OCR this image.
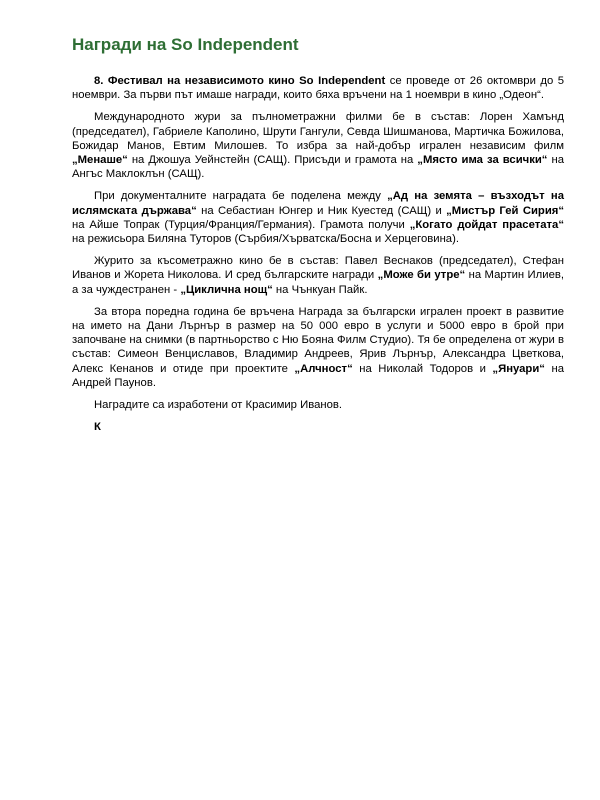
Награди на So Independent

8. Фестивал на независимото кино So Independent се проведе от 26 октомври до 5 ноември. За първи път имаше награди, които бяха връчени на 1 ноември в кино „Одеон“.

Международното жури за пълнометражни филми бе в състав: Лорен Хамънд (председател), Габриеле Каполино, Шрути Гангули, Севда Шишманова, Мартичка Божилова, Божидар Манов, Евтим Милошев. То избра за най-добър игрален независим филм „Менаше“ на Джошуа Уейнстейн (САЩ). Присъди и грамота на „Място има за всички“ на Ангъс Маклоклън (САЩ).

При документалните наградата бе поделена между „Ад на земята – възходът на ислямската държава“ на Себастиан Юнгер и Ник Куестед (САЩ) и „Мистър Гей Сирия“ на Айше Топрак (Турция/Франция/Германия). Грамота получи „Когато дойдат прасетата“ на режисьора Биляна Туторов (Сърбия/Хърватска/Босна и Херцеговина).

Журито за късометражно кино бе в състав: Павел Веснаков (председател), Стефан Иванов и Жорета Николова. И сред българските награди „Може би утре“ на Мартин Илиев, а за чуждестранен - „Циклична нощ“ на Чънкуан Пайк.

За втора поредна година бе връчена Награда за български игрален проект в развитие на името на Дани Лърнър в размер на 50 000 евро в услуги и 5000 евро в брой при започване на снимки (в партньорство с Ню Бояна Филм Студио). Тя бе определена от жури в състав: Симеон Венциславов, Владимир Андреев, Ярив Лърнър, Александра Цветкова, Алекс Кенанов и отиде при проектите „Алчност“ на Николай Тодоров и „Януари“ на Андрей Паунов.

Наградите са изработени от Красимир Иванов.

К
